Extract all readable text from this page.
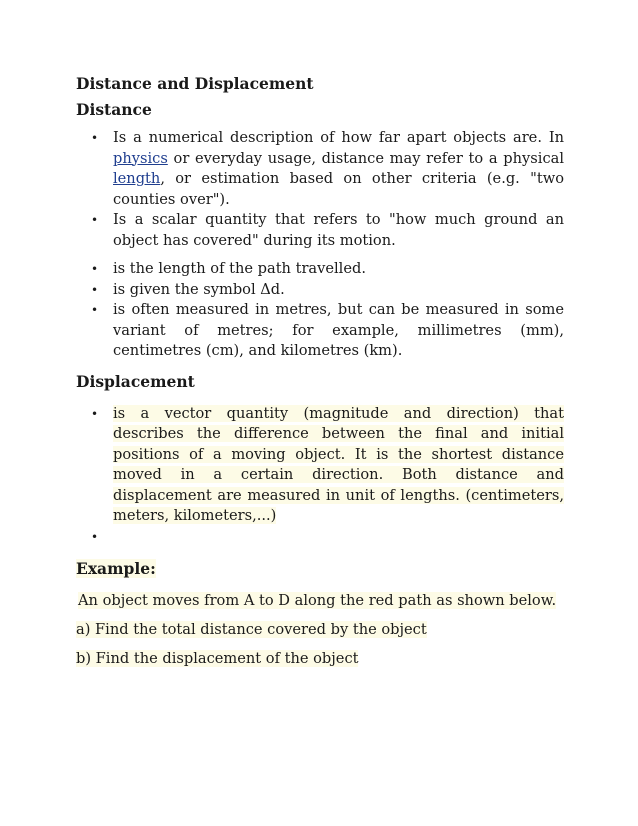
Distance and Displacement
Distance
• Is a numerical description of how far apart objects are. In physics or everyday usage, distance may refer to a physical length, or estimation based on other criteria (e.g. "two counties over").
• Is a scalar quantity that refers to "how much ground an object has covered" during its motion.
• is the length of the path travelled.
• is given the symbol Δd.
• is often measured in metres, but can be measured in some variant of metres; for example, millimetres (mm), centimetres (cm), and kilometres (km).
Displacement
• is a vector quantity (magnitude and direction) that describes the difference between the final and initial positions of a moving object. It is the shortest distance moved in a certain direction. Both distance and displacement are measured in unit of lengths. (centimeters, meters, kilometers,...)
•
Example:
An object moves from A to D along the red path as shown below.
a) Find the total distance covered by the object
b) Find the displacement of the object
